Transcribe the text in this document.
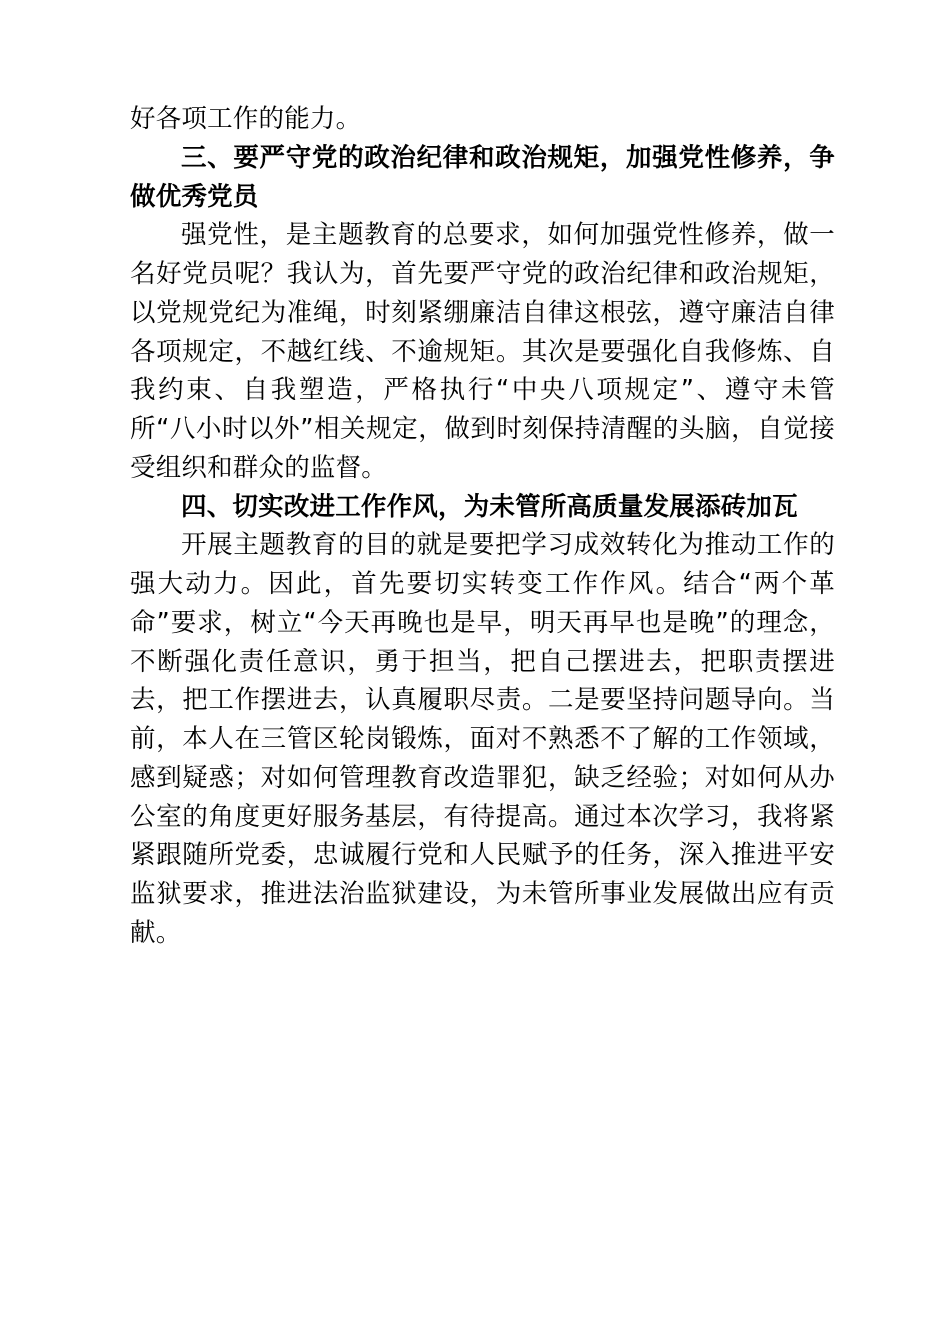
好各项工作的能力。

三、要严守党的政治纪律和政治规矩，加强党性修养，争做优秀党员

强党性，是主题教育的总要求，如何加强党性修养，做一名好党员呢？我认为，首先要严守党的政治纪律和政治规矩，以党规党纪为准绳，时刻紧绷廉洁自律这根弦，遵守廉洁自律各项规定，不越红线、不逾规矩。其次是要强化自我修炼、自我约束、自我塑造，严格执行“中央八项规定”、遵守未管所“八小时以外”相关规定，做到时刻保持清醒的头脑，自觉接受组织和群众的监督。

四、切实改进工作作风，为未管所高质量发展添砖加瓦

开展主题教育的目的就是要把学习成效转化为推动工作的强大动力。因此，首先要切实转变工作作风。结合“两个革命”要求，树立“今天再晚也是早，明天再早也是晚”的理念，不断强化责任意识，勇于担当，把自己摆进去，把职责摆进去，把工作摆进去，认真履职尽责。二是要坚持问题导向。当前，本人在三管区轮岗锻炼，面对不熟悉不了解的工作领域，感到疑惑；对如何管理教育改造罪犯，缺乏经验；对如何从办公室的角度更好服务基层，有待提高。通过本次学习，我将紧紧跟随所党委，忠诚履行党和人民赋予的任务，深入推进平安监狱要求，推进法治监狱建设，为未管所事业发展做出应有贡献。
